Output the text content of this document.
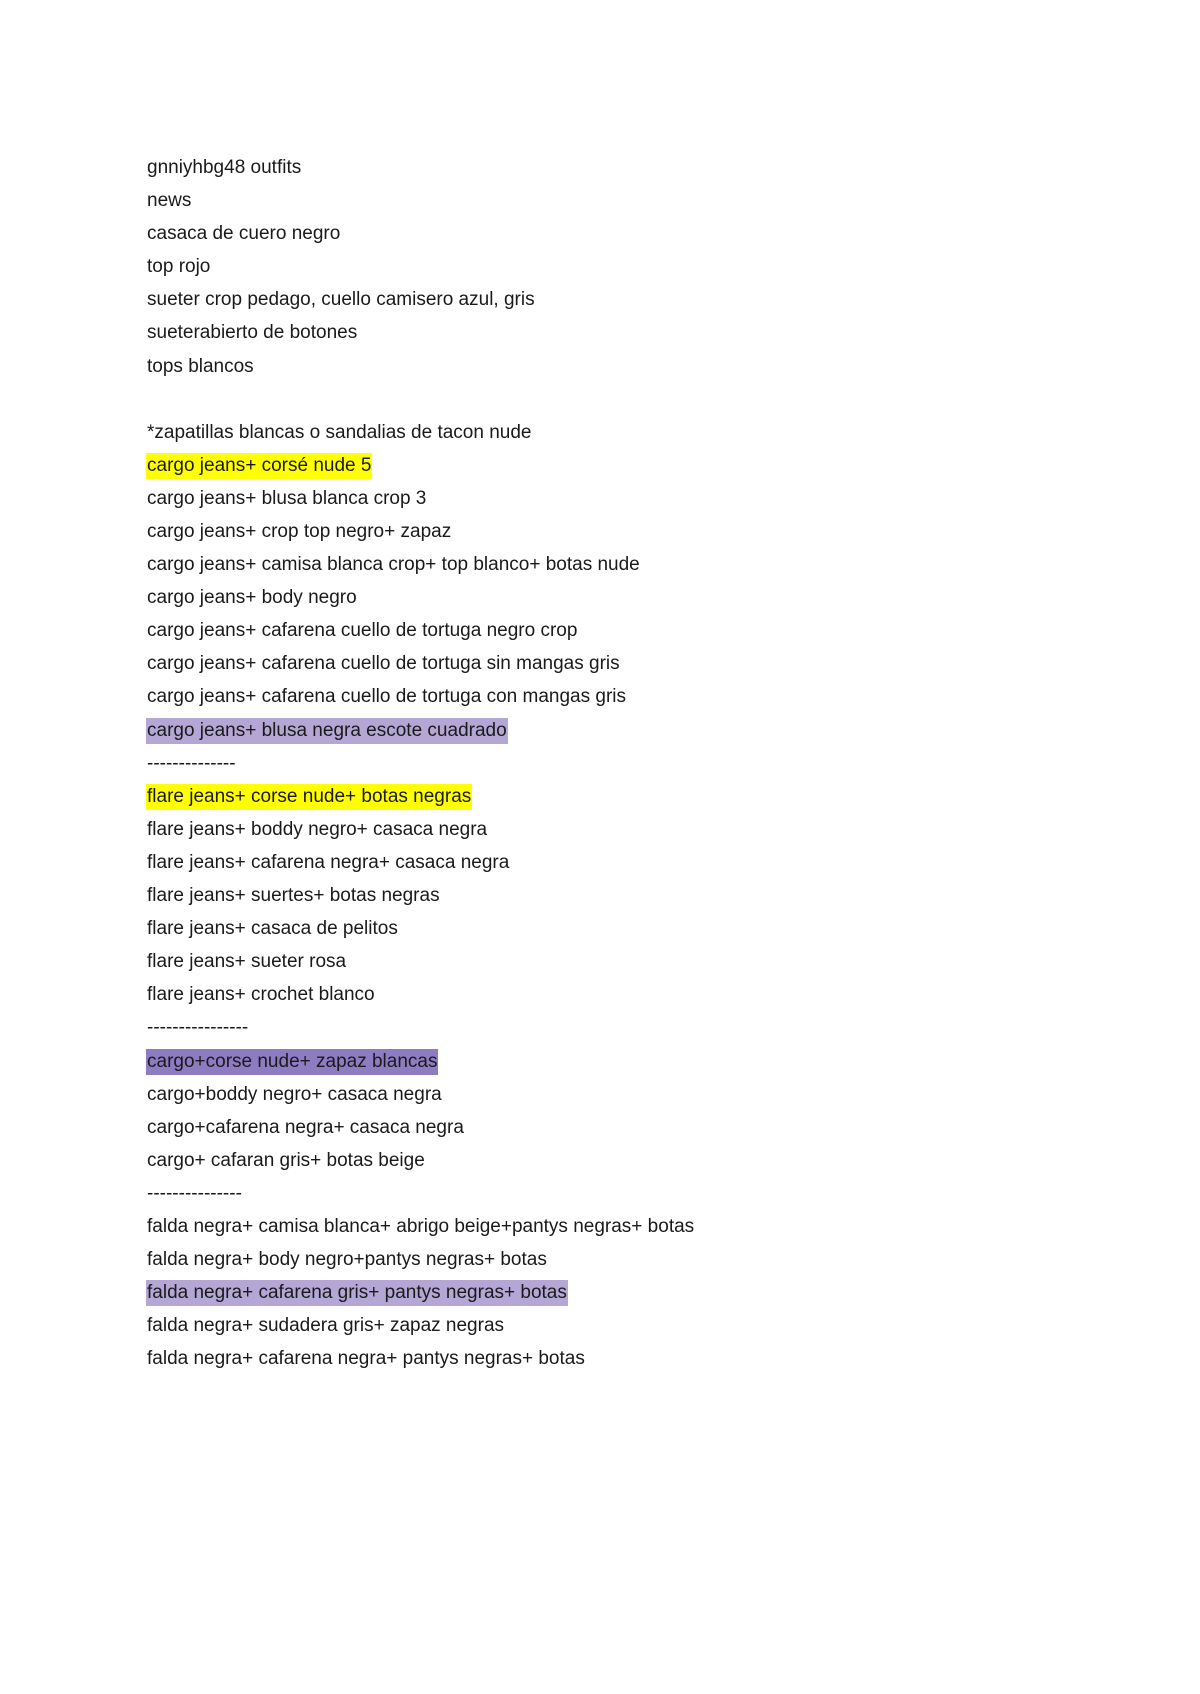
gnniyhbg48 outfits
news
casaca de cuero negro
top rojo
sueter crop pedago, cuello camisero azul, gris
sueterabierto de botones
tops blancos
*zapatillas blancas o sandalias de tacon nude
cargo jeans+ corsé nude 5
cargo jeans+ blusa blanca crop 3
cargo jeans+ crop top negro+ zapaz
cargo jeans+ camisa blanca crop+ top blanco+ botas nude
cargo jeans+ body negro
cargo jeans+ cafarena cuello de tortuga negro crop
cargo jeans+ cafarena cuello de tortuga sin mangas gris
cargo jeans+ cafarena cuello de tortuga con mangas gris
cargo jeans+ blusa negra escote cuadrado
--------------
flare jeans+ corse nude+ botas negras
flare jeans+ boddy negro+ casaca negra
flare jeans+ cafarena negra+ casaca negra
flare jeans+ suertes+ botas negras
flare jeans+ casaca de pelitos
flare jeans+ sueter rosa
flare jeans+ crochet blanco
----------------
cargo+corse nude+ zapaz blancas
cargo+boddy negro+ casaca negra
cargo+cafarena negra+ casaca negra
cargo+ cafaran gris+ botas beige
---------------
falda negra+ camisa blanca+ abrigo beige+pantys negras+ botas
falda negra+ body negro+pantys negras+ botas
falda negra+ cafarena gris+ pantys negras+ botas
falda negra+ sudadera gris+ zapaz negras
falda negra+ cafarena negra+ pantys negras+ botas
